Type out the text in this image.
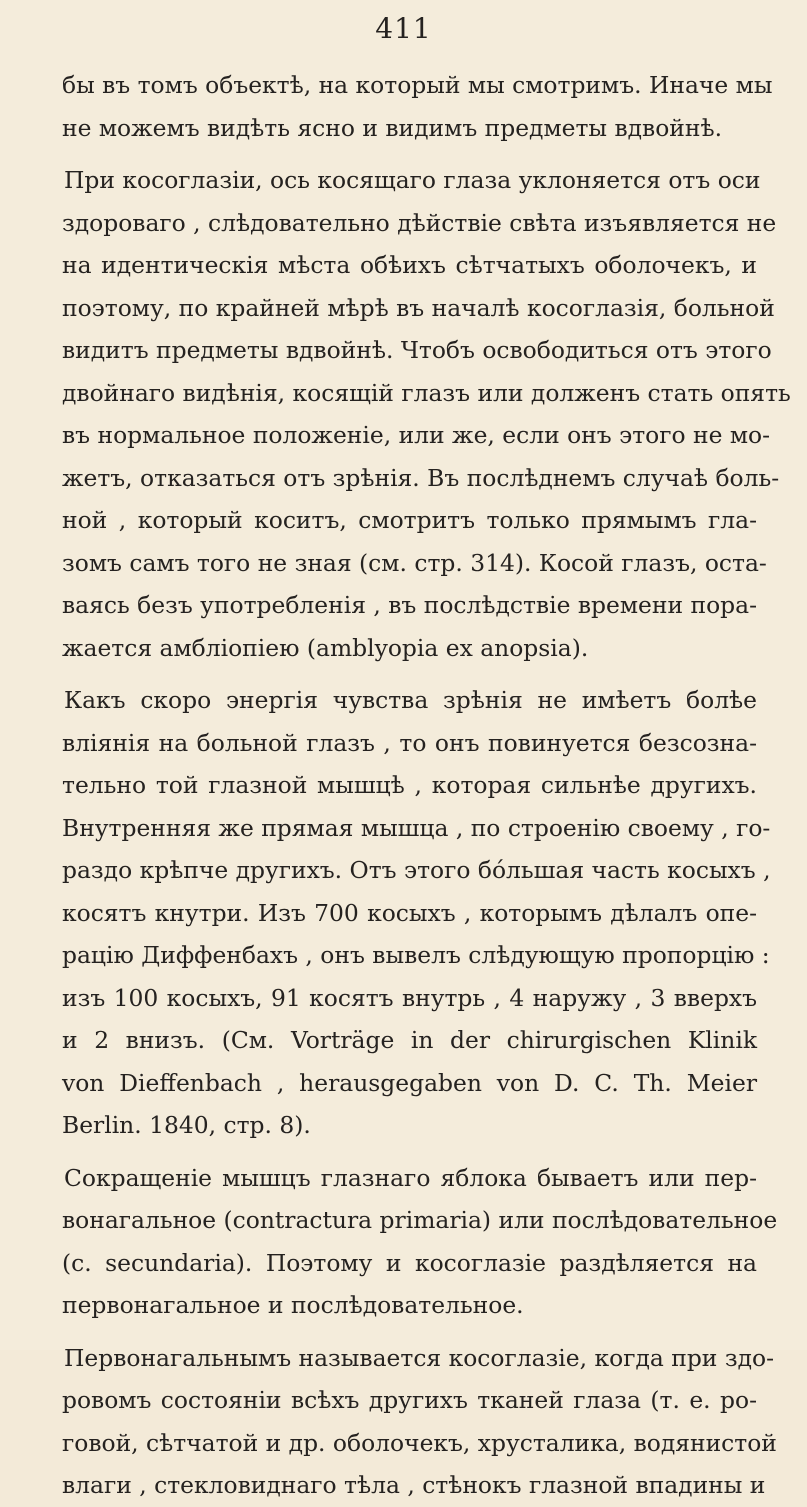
411
бы въ томъ объектѣ, на который мы смотримъ. Иначе мы
не можемъ видѣть ясно и видимъ предметы вдвойнѣ.
При косоглазіи, ось косящаго глаза уклоняется отъ оси
здороваго , слѣдовательно дѣйствіе свѣта изъявляется не
на идентическія мѣста обѣихъ сѣтчатыхъ оболочекъ, и
поэтому, по крайней мѣрѣ въ началѣ косоглазія, больной
видитъ предметы вдвойнѣ. Чтобъ освободиться отъ этого
двойнаго видѣнія, косящій глазъ или долженъ стать опять
въ нормальное положеніе, или же, если онъ этого не мо-
жетъ, отказаться отъ зрѣнія. Въ послѣднемъ случаѣ боль-
ной , который коситъ, смотритъ только прямымъ гла-
зомъ самъ того не зная (см. стр. 314). Косой глазъ, оста-
ваясь безъ употребленія , въ послѣдствіе времени пора-
жается амбліопіею (amblyopia ex anopsia).
Какъ скоро энергія чувства зрѣнія не имѣетъ болѣе
вліянія на больной глазъ , то онъ повинуется безсозна-
тельно той глазной мышцѣ , которая сильнѣе другихъ.
Внутренняя же прямая мышца , по строенію своему , го-
раздо крѣпче другихъ. Отъ этого бо́льшая часть косыхъ ,
косятъ кнутри. Изъ 700 косыхъ , которымъ дѣлалъ опе-
рацію Диффенбахъ , онъ вывелъ слѣдующую пропорцію :
изъ 100 косыхъ, 91 косятъ внутрь , 4 наружу , 3 вверхъ
и 2 внизъ. (См. Vorträge in der chirurgischen Klinik
von Dieffenbach , herausgegaben von D. C. Th. Meier
Berlin. 1840, стр. 8).
Сокращеніе мышцъ глазнаго яблока бываетъ или пер-
вонагальное (contractura primaria) или послѣдовательное
(c. secundaria). Поэтому и косоглазіе раздѣляется на
первонагальное и послѣдовательное.
Первонагальнымъ называется косоглазіе, когда при здо-
ровомъ состояніи всѣхъ другихъ тканей глаза (т. е. ро-
говой, сѣтчатой и др. оболочекъ, хрусталика, водянистой
влаги , стекловиднаго тѣла , стѣнокъ глазной впадины и
